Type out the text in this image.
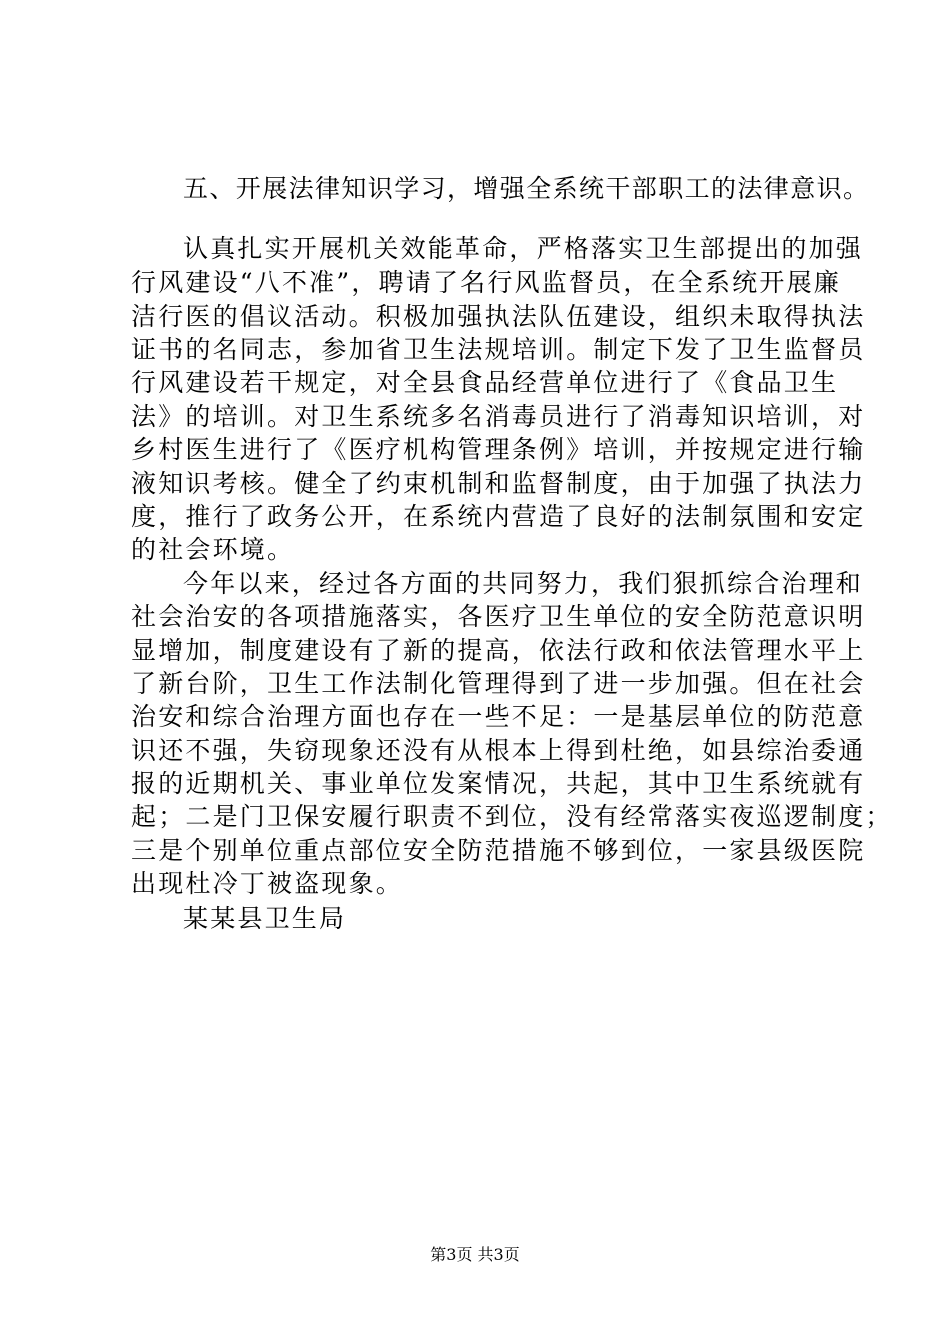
五、开展法律知识学习，增强全系统干部职工的法律意识。
认真扎实开展机关效能革命，严格落实卫生部提出的加强
行风建设“八不准”，聘请了名行风监督员，在全系统开展廉
洁行医的倡议活动。积极加强执法队伍建设，组织未取得执法
证书的名同志，参加省卫生法规培训。制定下发了卫生监督员
行风建设若干规定，对全县食品经营单位进行了《食品卫生
法》的培训。对卫生系统多名消毒员进行了消毒知识培训，对
乡村医生进行了《医疗机构管理条例》培训，并按规定进行输
液知识考核。健全了约束机制和监督制度，由于加强了执法力
度，推行了政务公开，在系统内营造了良好的法制氛围和安定
的社会环境。
今年以来，经过各方面的共同努力，我们狠抓综合治理和
社会治安的各项措施落实，各医疗卫生单位的安全防范意识明
显增加，制度建设有了新的提高，依法行政和依法管理水平上
了新台阶，卫生工作法制化管理得到了进一步加强。但在社会
治安和综合治理方面也存在一些不足：一是基层单位的防范意
识还不强，失窃现象还没有从根本上得到杜绝，如县综治委通
报的近期机关、事业单位发案情况，共起，其中卫生系统就有
起；二是门卫保安履行职责不到位，没有经常落实夜巡逻制度；
三是个别单位重点部位安全防范措施不够到位，一家县级医院
出现杜冷丁被盗现象。
某某县卫生局
第3页 共3页
